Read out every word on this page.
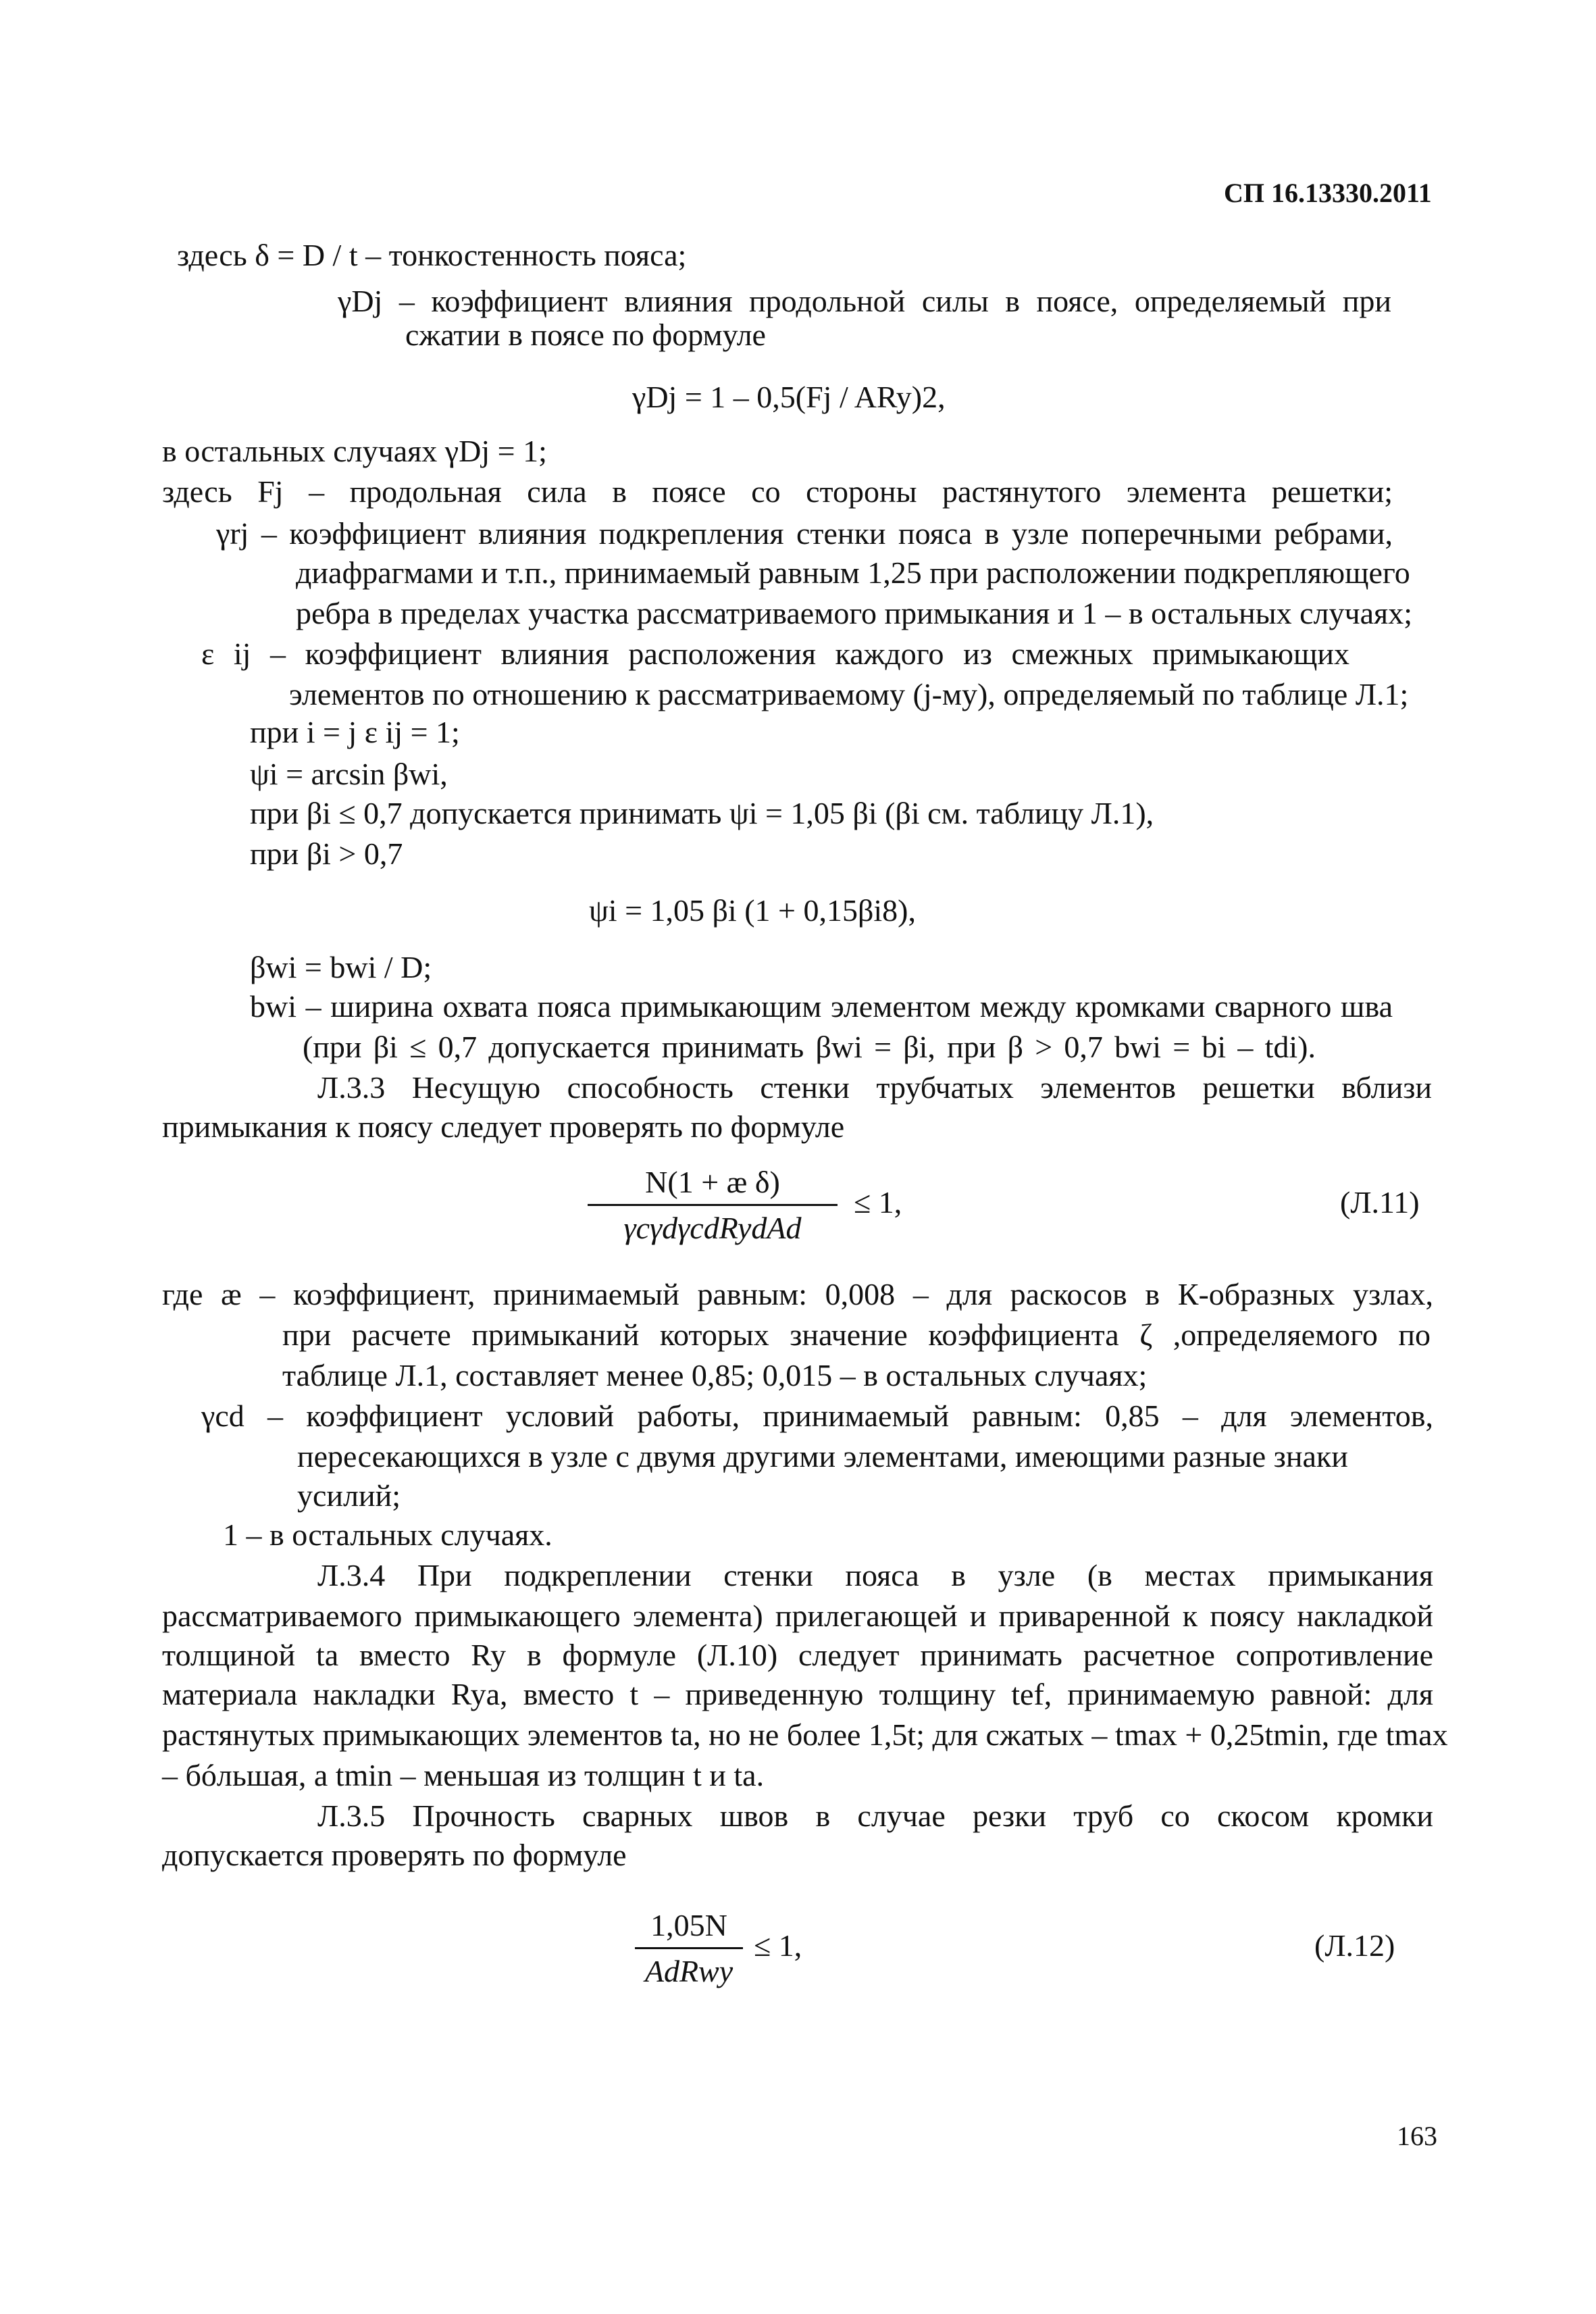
СП 16.13330.2011
здесь δ = D / t – тонкостенность пояса;
γDj – коэффициент влияния продольной силы в поясе, определяемый при
сжатии в поясе по формуле
γDj = 1 – 0,5(Fj / ARy)2,
в остальных случаях γDj = 1;
здесь Fj – продольная сила в поясе со стороны растянутого элемента решетки;
γrj – коэффициент влияния подкрепления стенки пояса в узле поперечными ребрами,
диафрагмами и т.п., принимаемый равным 1,25 при расположении подкрепляющего
ребра в пределах участка рассматриваемого примыкания и 1 – в остальных случаях;
ε ij – коэффициент влияния расположения каждого из смежных примыкающих
элементов по отношению к рассматриваемому (j-му), определяемый по таблице Л.1;
при i = j ε ij = 1;
ψi = arcsin βwi,
при βi ≤ 0,7 допускается принимать ψi = 1,05 βi (βi см. таблицу Л.1),
при βi > 0,7
ψi = 1,05 βi (1 + 0,15βi8),
βwi = bwi / D;
bwi – ширина охвата пояса примыкающим элементом между кромками сварного шва
(при βi ≤ 0,7 допускается принимать βwi = βi, при β > 0,7 bwi = bi – tdi).
Л.3.3 Несущую способность стенки трубчатых элементов решетки вблизи
примыкания к поясу следует проверять по формуле
N(1 + æ δ)
γcγdγcdRydAd
≤ 1,	(Л.11)
где æ – коэффициент, принимаемый равным: 0,008 – для раскосов в К-образных узлах,
при расчете примыканий которых значение коэффициента ζ ,определяемого по
таблице Л.1, составляет менее 0,85; 0,015 – в остальных случаях;
γcd – коэффициент условий работы, принимаемый равным: 0,85 – для элементов,
пересекающихся в узле с двумя другими элементами, имеющими разные знаки
усилий;
1 – в остальных случаях.
Л.3.4 При подкреплении стенки пояса в узле (в местах примыкания
рассматриваемого примыкающего элемента) прилегающей и приваренной к поясу накладкой
толщиной ta вместо Ry в формуле (Л.10) следует принимать расчетное сопротивление
материала накладки Rya, вместо t – приведенную толщину tef, принимаемую равной: для
растянутых примыкающих элементов ta, но не более 1,5t; для сжатых – tmax + 0,25tmin, где tmax
– бóльшая, а tmin – меньшая из толщин t и ta.
Л.3.5 Прочность сварных швов в случае резки труб со скосом кромки
допускается проверять по формуле
1,05N
AdRwy
≤ 1,	(Л.12)
163
